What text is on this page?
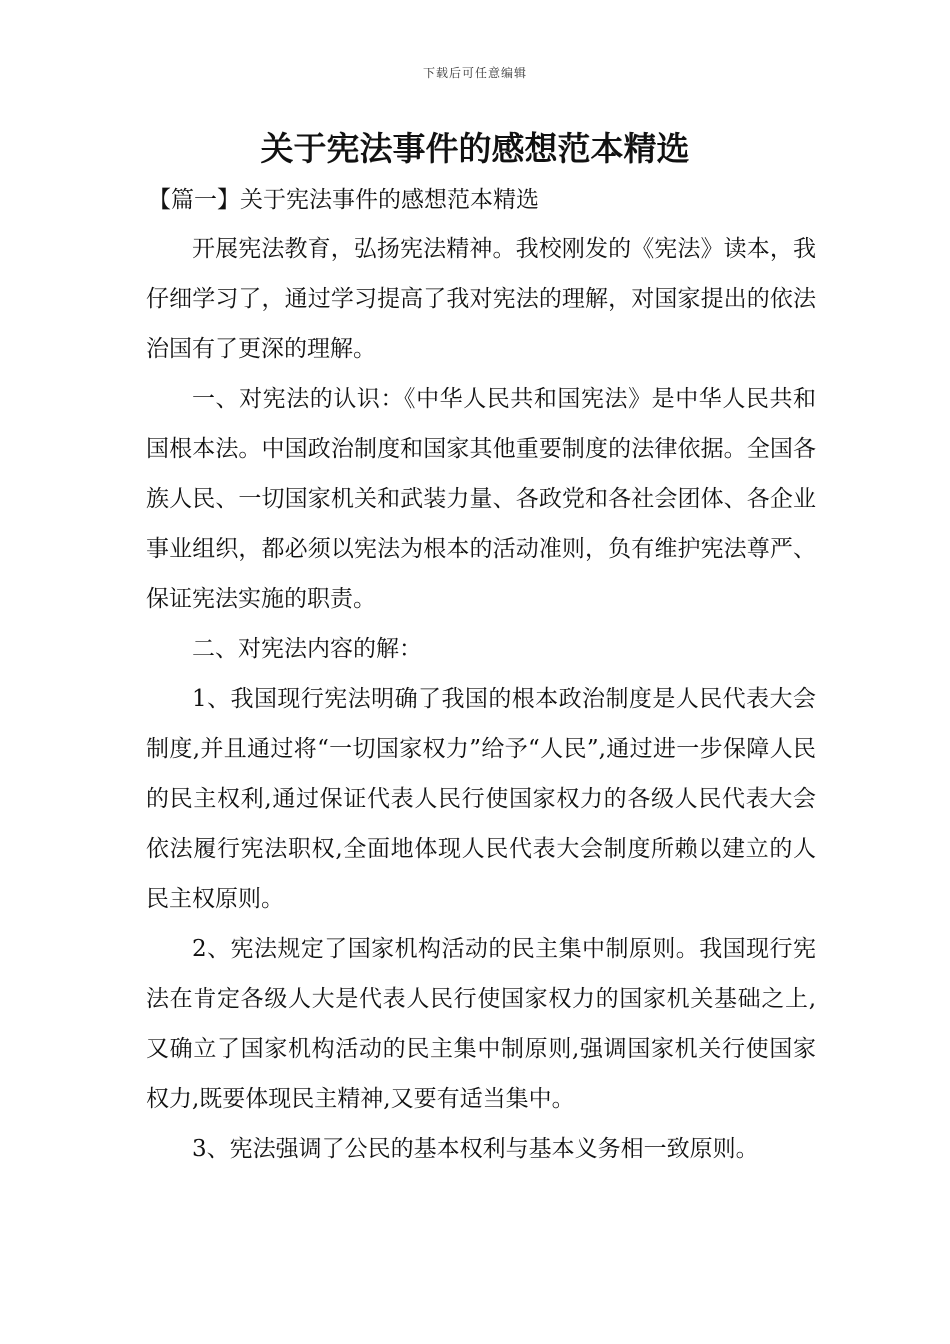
下载后可任意编辑
关于宪法事件的感想范本精选
【篇一】关于宪法事件的感想范本精选

开展宪法教育，弘扬宪法精神。我校刚发的《宪法》读本，我仔细学习了，通过学习提高了我对宪法的理解，对国家提出的依法治国有了更深的理解。

一、对宪法的认识：《中华人民共和国宪法》是中华人民共和国根本法。中国政治制度和国家其他重要制度的法律依据。全国各族人民、一切国家机关和武装力量、各政党和各社会团体、各企业事业组织，都必须以宪法为根本的活动准则，负有维护宪法尊严、保证宪法实施的职责。

二、对宪法内容的解：

1、我国现行宪法明确了我国的根本政治制度是人民代表大会制度,并且通过将“一切国家权力”给予“人民”,通过进一步保障人民的民主权利,通过保证代表人民行使国家权力的各级人民代表大会依法履行宪法职权,全面地体现人民代表大会制度所赖以建立的人民主权原则。

2、宪法规定了国家机构活动的民主集中制原则。我国现行宪法在肯定各级人大是代表人民行使国家权力的国家机关基础之上,又确立了国家机构活动的民主集中制原则,强调国家机关行使国家权力,既要体现民主精神,又要有适当集中。

3、宪法强调了公民的基本权利与基本义务相一致原则。
